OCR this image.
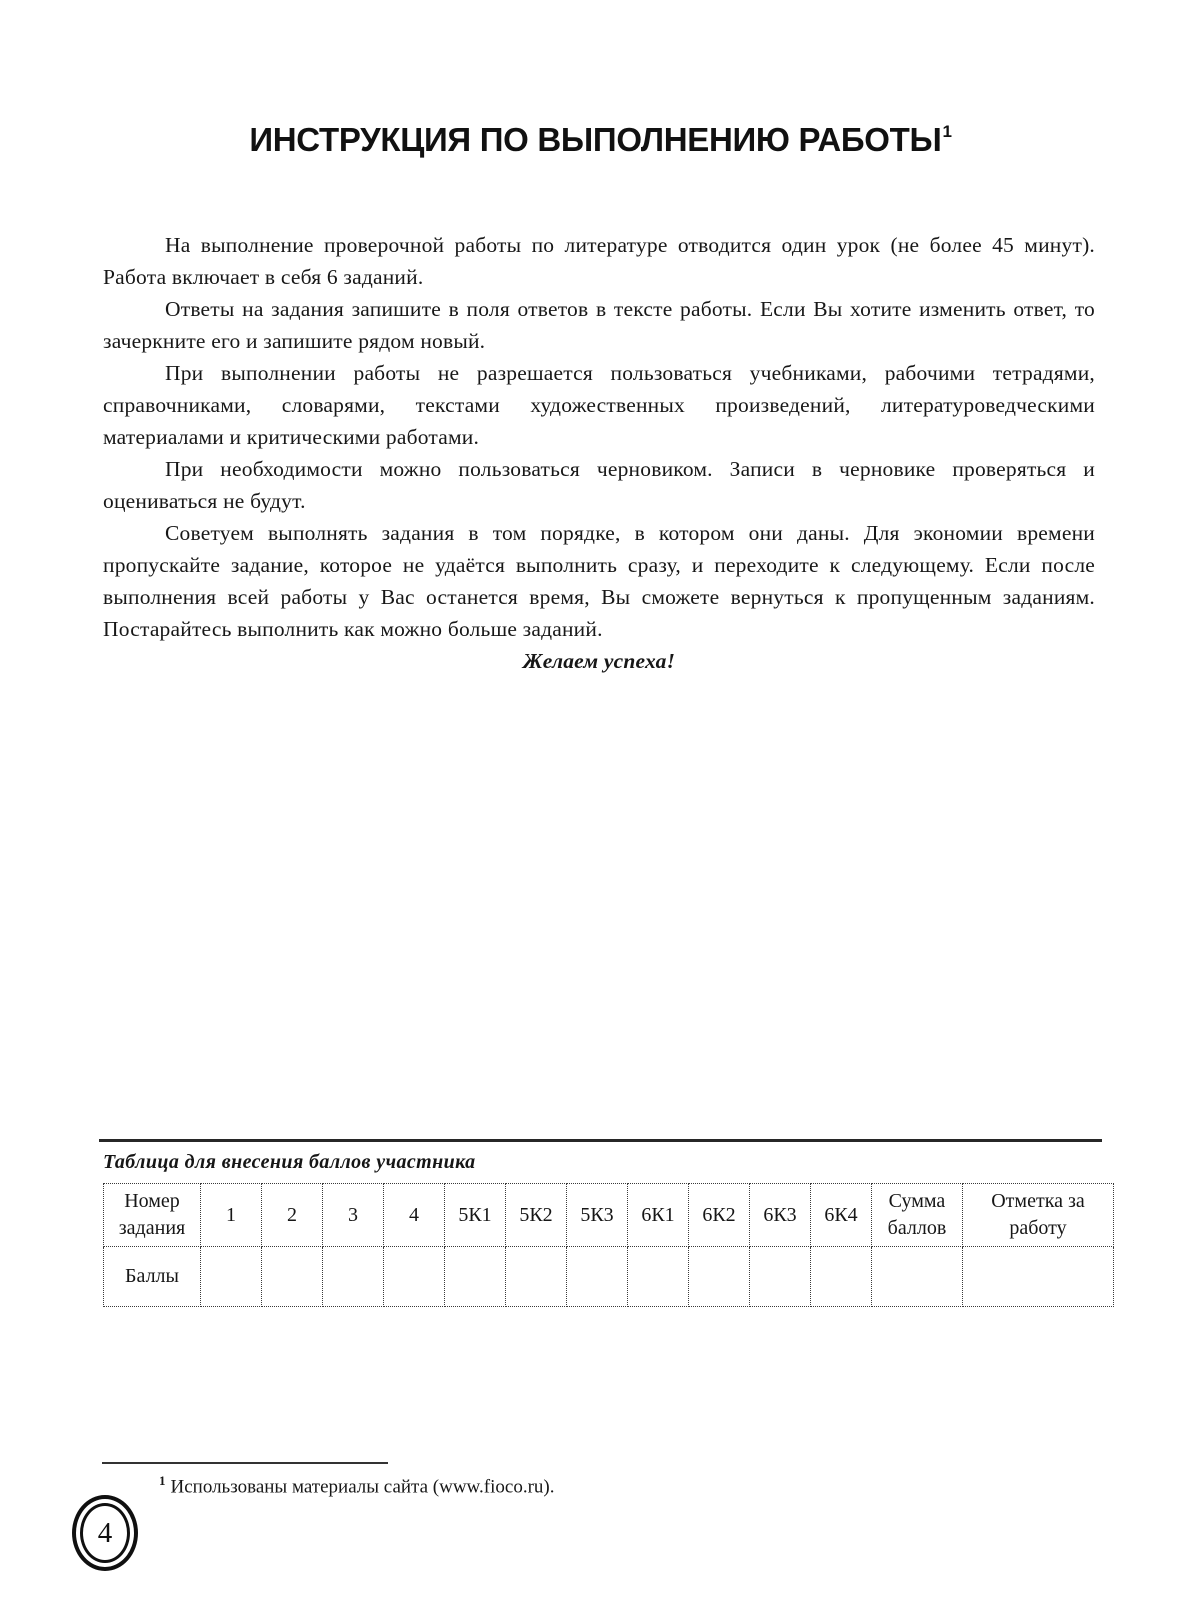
ИНСТРУКЦИЯ ПО ВЫПОЛНЕНИЮ РАБОТЫ$^1$

На выполнение проверочной работы по литературе отводится один урок (не более 45 минут). Работа включает в себя 6 заданий.

Ответы на задания запишите в поля ответов в тексте работы. Если Вы хотите изменить ответ, то зачеркните его и запишите рядом новый.

При выполнении работы не разрешается пользоваться учебниками, рабочими тетрадями, справочниками, словарями, текстами художественных произведений, литературоведческими материалами и критическими работами.

При необходимости можно пользоваться черновиком. Записи в черновике проверяться и оцениваться не будут.

Советуем выполнять задания в том порядке, в котором они даны. Для экономии времени пропускайте задание, которое не удаётся выполнить сразу, и переходите к следующему. Если после выполнения всей работы у Вас останется время, Вы сможете вернуться к пропущенным заданиям. Постарайтесь выполнить как можно больше заданий.

Желаем успеха!

Таблица для внесения баллов участника
Номер задания	1	2	3	4	5К1	5К2	5К3	6К1	6К2	6К3	6К4	Сумма баллов	Отметка за работу
Баллы													
$^1$ Использованы материалы сайта (www.fioco.ru).
4
